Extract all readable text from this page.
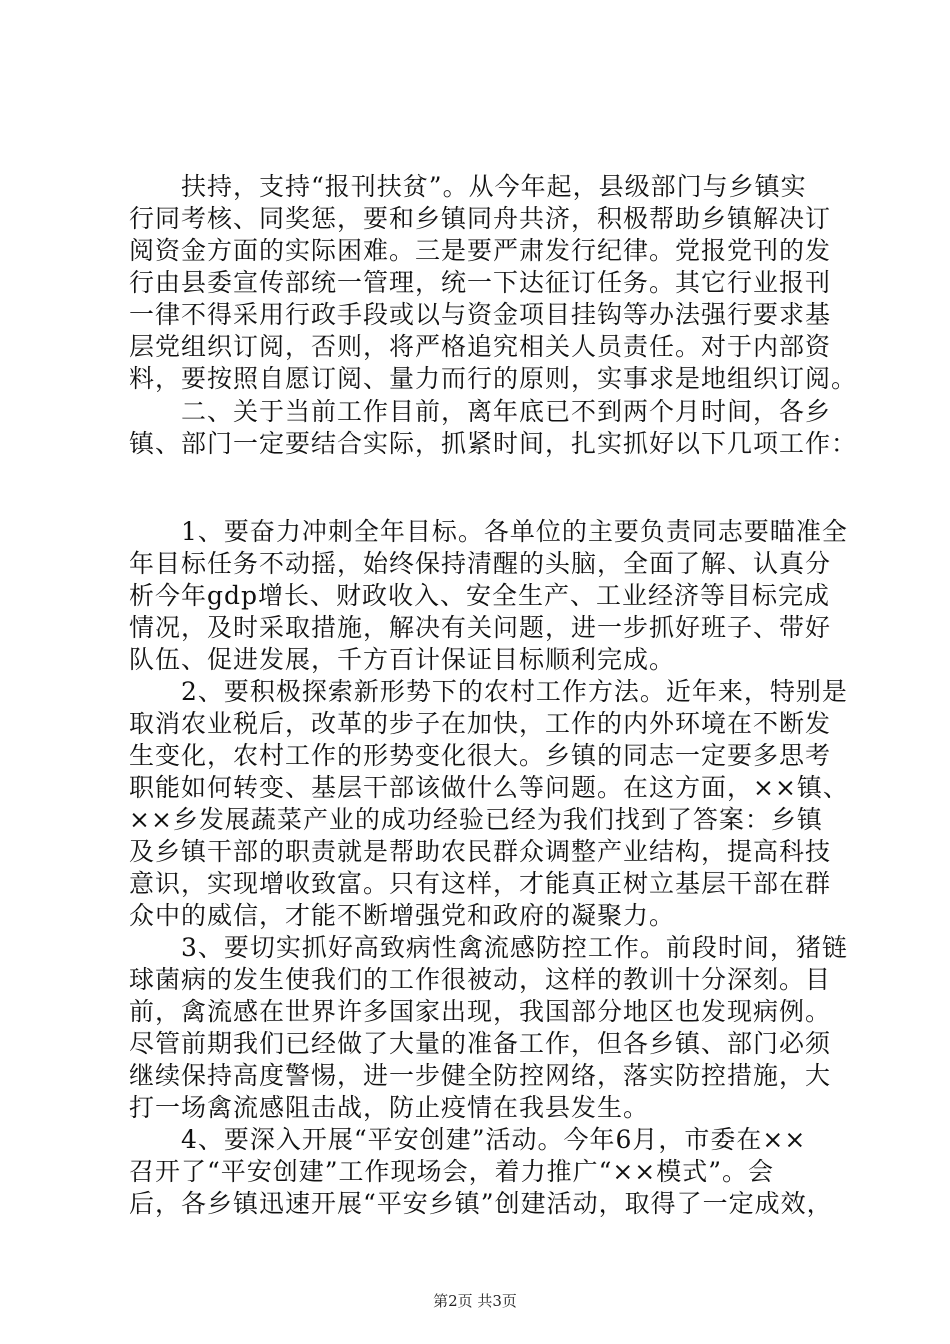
　　扶持，支持“报刊扶贫”。从今年起，县级部门与乡镇实
行同考核、同奖惩，要和乡镇同舟共济，积极帮助乡镇解决订
阅资金方面的实际困难。三是要严肃发行纪律。党报党刊的发
行由县委宣传部统一管理，统一下达征订任务。其它行业报刊
一律不得采用行政手段或以与资金项目挂钩等办法强行要求基
层党组织订阅，否则，将严格追究相关人员责任。对于内部资
料，要按照自愿订阅、量力而行的原则，实事求是地组织订阅。
　　二、关于当前工作目前，离年底已不到两个月时间，各乡
镇、部门一定要结合实际，抓紧时间，扎实抓好以下几项工作：
　　1、要奋力冲刺全年目标。各单位的主要负责同志要瞄准全
年目标任务不动摇，始终保持清醒的头脑，全面了解、认真分
析今年gdp增长、财政收入、安全生产、工业经济等目标完成
情况，及时采取措施，解决有关问题，进一步抓好班子、带好
队伍、促进发展，千方百计保证目标顺利完成。
　　2、要积极探索新形势下的农村工作方法。近年来，特别是
取消农业税后，改革的步子在加快，工作的内外环境在不断发
生变化，农村工作的形势变化很大。乡镇的同志一定要多思考
职能如何转变、基层干部该做什么等问题。在这方面，××镇、
××乡发展蔬菜产业的成功经验已经为我们找到了答案：乡镇
及乡镇干部的职责就是帮助农民群众调整产业结构，提高科技
意识，实现增收致富。只有这样，才能真正树立基层干部在群
众中的威信，才能不断增强党和政府的凝聚力。
　　3、要切实抓好高致病性禽流感防控工作。前段时间，猪链
球菌病的发生使我们的工作很被动，这样的教训十分深刻。目
前，禽流感在世界许多国家出现，我国部分地区也发现病例。
尽管前期我们已经做了大量的准备工作，但各乡镇、部门必须
继续保持高度警惕，进一步健全防控网络，落实防控措施，大
打一场禽流感阻击战，防止疫情在我县发生。
　　4、要深入开展“平安创建”活动。今年6月，市委在××
召开了“平安创建”工作现场会，着力推广“××模式”。会
后，各乡镇迅速开展“平安乡镇”创建活动，取得了一定成效，
第2页 共3页
